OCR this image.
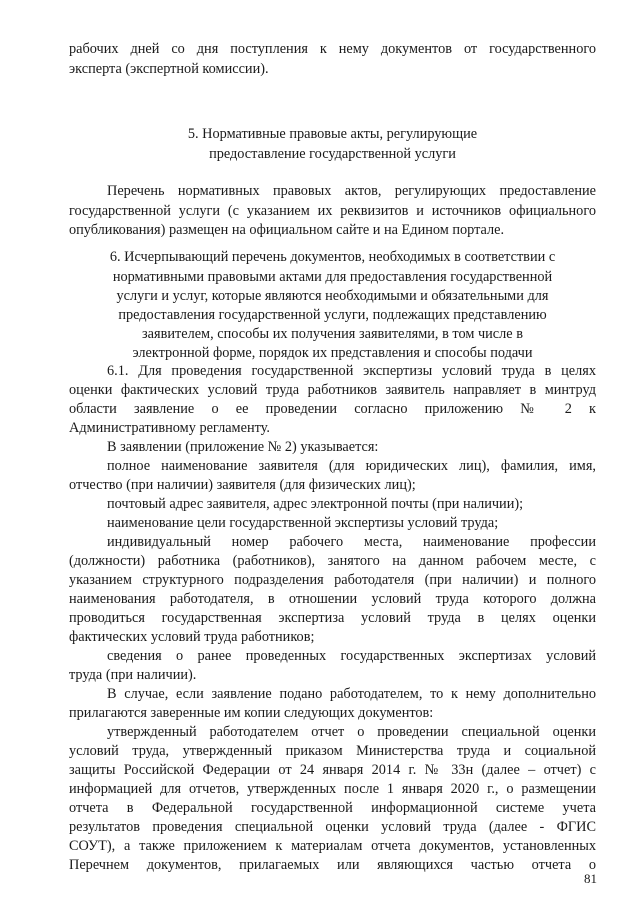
рабочих дней со дня поступления к нему документов от государственного
эксперта (экспертной комиссии).
5. Нормативные правовые акты, регулирующие
предоставление государственной услуги
Перечень нормативных правовых актов, регулирующих предоставление
государственной услуги (с указанием их реквизитов и источников официального
опубликования) размещен на официальном сайте и на Едином портале.
6. Исчерпывающий перечень документов, необходимых в соответствии с
нормативными правовыми актами для предоставления государственной
услуги и услуг, которые являются необходимыми и обязательными для
предоставления государственной услуги, подлежащих представлению
заявителем, способы их получения заявителями, в том числе в
электронной форме, порядок их представления и способы подачи
6.1. Для проведения государственной экспертизы условий труда в целях
оценки фактических условий труда работников заявитель направляет в минтруд
области заявление о ее проведении согласно приложению № 2 к
Административному регламенту.
В заявлении (приложение № 2) указывается:
полное наименование заявителя (для юридических лиц), фамилия, имя,
отчество (при наличии) заявителя (для физических лиц);
почтовый адрес заявителя, адрес электронной почты (при наличии);
наименование цели государственной экспертизы условий труда;
индивидуальный номер рабочего места, наименование профессии
(должности) работника (работников), занятого на данном рабочем месте, с
указанием структурного подразделения работодателя (при наличии) и полного
наименования работодателя, в отношении условий труда которого должна
проводиться государственная экспертиза условий труда в целях оценки
фактических условий труда работников;
сведения о ранее проведенных государственных экспертизах условий
труда (при наличии).
В случае, если заявление подано работодателем, то к нему дополнительно
прилагаются заверенные им копии следующих документов:
утвержденный работодателем отчет о проведении специальной оценки
условий труда, утвержденный приказом Министерства труда и социальной
защиты Российской Федерации от 24 января 2014 г. № 33н (далее – отчет) с
информацией для отчетов, утвержденных после 1 января 2020 г., о размещении
отчета в Федеральной государственной информационной системе учета
результатов проведения специальной оценки условий труда (далее - ФГИС
СОУТ), а также приложением к материалам отчета документов, установленных
81
Перечнем документов, прилагаемых или являющихся частью отчета о
